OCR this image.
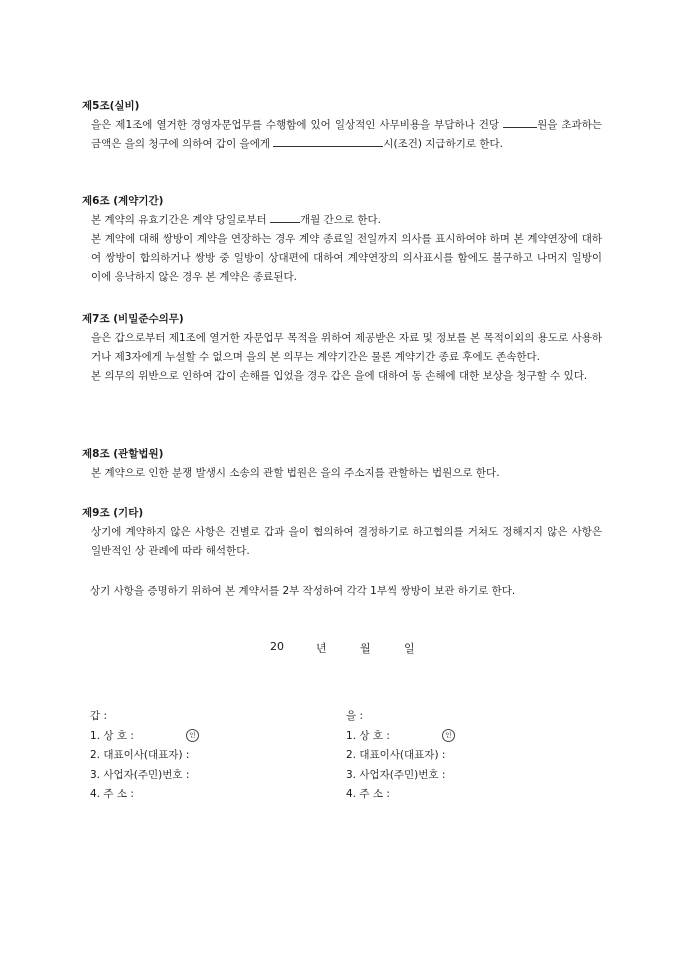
제5조(실비)
을은 제1조에 열거한 경영자문업무를 수행함에 있어 일상적인 사무비용을 부담하나 건당	원을 초과하는 금액은 을의 청구에 의하여 갑이 을에게	시(조건) 지급하기로 한다.
제6조 (계약기간)
본 계약의 유효기간은 계약 당일로부터	개월 간으로 한다.
본 계약에 대해 쌍방이 계약을 연장하는 경우 계약 종료일 전일까지 의사를 표시하여야 하며 본 계약연장에 대하여 쌍방이 합의하거나 쌍방 중 일방이 상대편에 대하여 계약연장의 의사표시를 함에도 불구하고 나머지 일방이 이에 응낙하지 않은 경우 본 계약은 종료된다.
제7조 (비밀준수의무)
을은 갑으로부터 제1조에 열거한 자문업무 목적을 위하여 제공받은 자료 및 정보를 본 목적이외의 용도로 사용하거나 제3자에게 누설할 수 없으며 을의 본 의무는 계약기간은 물론 계약기간 종료 후에도 존속한다.
본 의무의 위반으로 인하여 갑이 손해를 입었을 경우 갑은 을에 대하여 동 손해에 대한 보상을 청구할 수 있다.
제8조 (관할법원)
본 계약으로 인한 분쟁 발생시 소송의 관할 법원은 을의 주소지를 관할하는 법원으로 한다.
제9조 (기타)
상기에 계약하지 않은 사항은 건별로 갑과 을이 협의하여 결정하기로 하고협의를 거쳐도 정해지지 않은 사항은 일반적인 상 관례에 따라 해석한다.
상기 사항을 증명하기 위하여 본 계약서를 2부 작성하여 각각 1부씩 쌍방이 보관 하기로 한다.
20	년	월	일
갑 :
1. 상 호 :	인
2. 대표이사(대표자) :
3. 사업자(주민)번호 :
4. 주 소 :
을 :
1. 상 호 :	인
2. 대표이사(대표자) :
3. 사업자(주민)번호 :
4. 주 소 :
